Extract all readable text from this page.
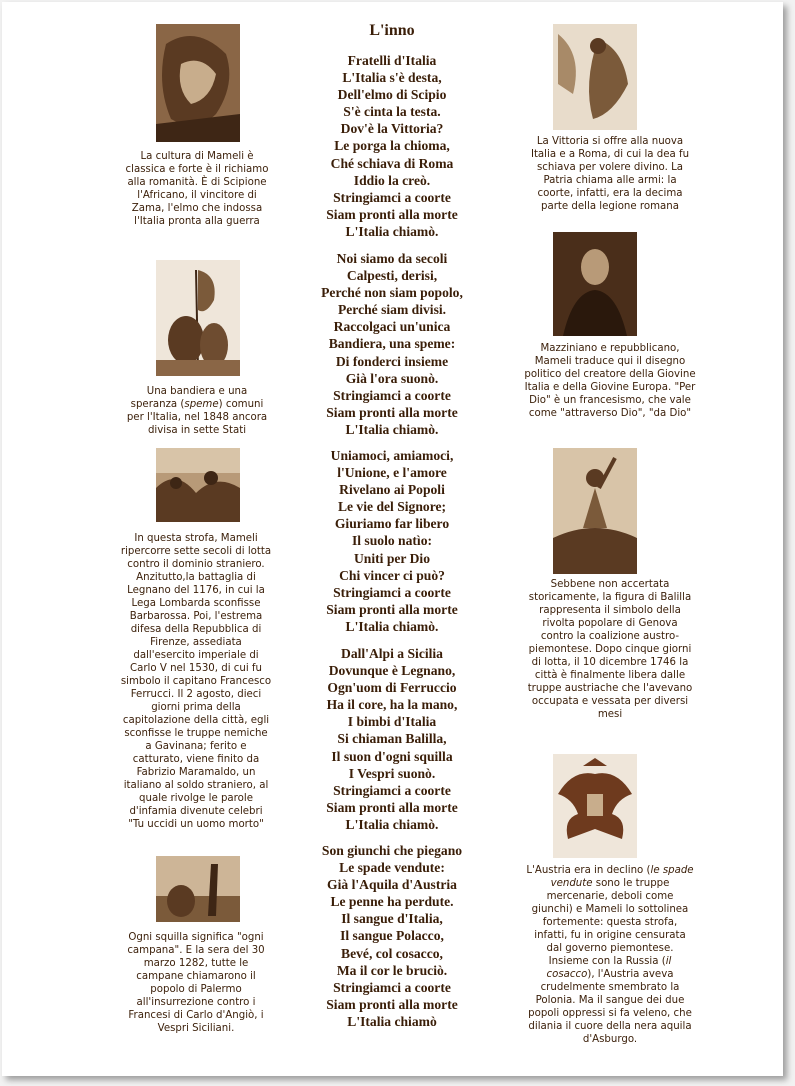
La cultura di Mameli è classica e forte è il richiamo alla romanità. È di Scipione l'Africano, il vincitore di Zama, l'elmo che indossa l'Italia pronta alla guerra
Una bandiera e una speranza (speme) comuni per l'Italia, nel 1848 ancora divisa in sette Stati
In questa strofa, Mameli ripercorre sette secoli di lotta contro il dominio straniero. Anzitutto,la battaglia di Legnano del 1176, in cui la Lega Lombarda sconfisse Barbarossa. Poi, l'estrema difesa della Repubblica di Firenze, assediata dall'esercito imperiale di Carlo V nel 1530, di cui fu simbolo il capitano Francesco Ferrucci. Il 2 agosto, dieci giorni prima della capitolazione della città, egli sconfisse le truppe nemiche a Gavinana; ferito e catturato, viene finito da Fabrizio Maramaldo, un italiano al soldo straniero, al quale rivolge le parole d'infamia divenute celebri "Tu uccidi un uomo morto"
Ogni squilla significa "ogni campana". E la sera del 30 marzo 1282, tutte le campane chiamarono il popolo di Palermo all'insurrezione contro i Francesi di Carlo d'Angiò, i Vespri Siciliani.
L'inno
Fratelli d'Italia
L'Italia s'è desta,
Dell'elmo di Scipio
S'è cinta la testa.
Dov'è la Vittoria?
Le porga la chioma,
Ché schiava di Roma
Iddio la creò.
Stringiamci a coorte
Siam pronti alla morte
L'Italia chiamò.
Noi siamo da secoli
Calpesti, derisi,
Perché non siam popolo,
Perché siam divisi.
Raccolgaci un'unica
Bandiera, una speme:
Di fonderci insieme
Già l'ora suonò.
Stringiamci a coorte
Siam pronti alla morte
L'Italia chiamò.
Uniamoci, amiamoci,
l'Unione, e l'amore
Rivelano ai Popoli
Le vie del Signore;
Giuriamo far libero
Il suolo natìo:
Uniti per Dio
Chi vincer ci può?
Stringiamci a coorte
Siam pronti alla morte
L'Italia chiamò.
Dall'Alpi a Sicilia
Dovunque è Legnano,
Ogn'uom di Ferruccio
Ha il core, ha la mano,
I bimbi d'Italia
Si chiaman Balilla,
Il suon d'ogni squilla
I Vespri suonò.
Stringiamci a coorte
Siam pronti alla morte
L'Italia chiamò.
Son giunchi che piegano
Le spade vendute:
Già l'Aquila d'Austria
Le penne ha perdute.
Il sangue d'Italia,
Il sangue Polacco,
Bevé, col cosacco,
Ma il cor le bruciò.
Stringiamci a coorte
Siam pronti alla morte
L'Italia chiamò
La Vittoria si offre alla nuova Italia e a Roma, di cui la dea fu schiava per volere divino. La Patria chiama alle armi: la coorte, infatti, era la decima parte della legione romana
Mazziniano e repubblicano, Mameli traduce qui il disegno politico del creatore della Giovine Italia e della Giovine Europa. "Per Dio" è un francesismo, che vale come "attraverso Dio", "da Dio"
Sebbene non accertata storicamente, la figura di Balilla rappresenta il simbolo della rivolta popolare di Genova contro la coalizione austro-piemontese. Dopo cinque giorni di lotta, il 10 dicembre 1746 la città è finalmente libera dalle truppe austriache che l'avevano occupata e vessata per diversi mesi
L'Austria era in declino (le spade vendute sono le truppe mercenarie, deboli come giunchi) e Mameli lo sottolinea fortemente: questa strofa, infatti, fu in origine censurata dal governo piemontese. Insieme con la Russia (il cosacco), l'Austria aveva crudelmente smembrato la Polonia. Ma il sangue dei due popoli oppressi si fa veleno, che dilania il cuore della nera aquila d'Asburgo.
